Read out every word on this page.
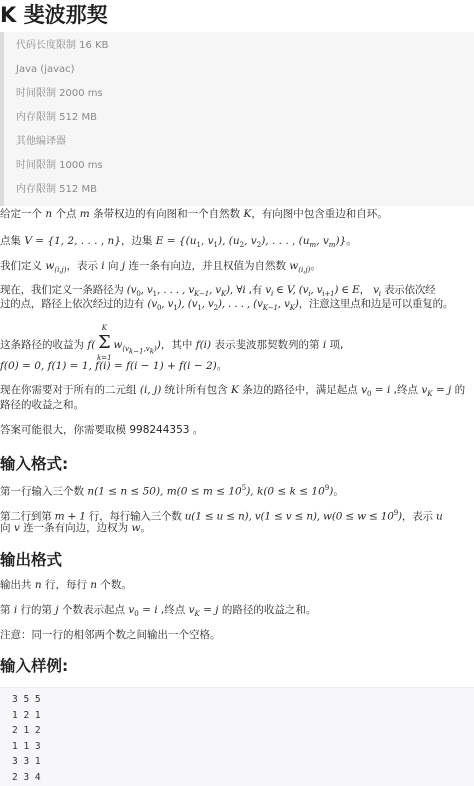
K 斐波那契
代码长度限制 16 KB
Java (javac)
时间限制 2000 ms
内存限制 512 MB
其他编译器
时间限制 1000 ms
内存限制 512 MB
给定一个 n 个点 m 条带权边的有向图和一个自然数 K，有向图中包含重边和自环。
点集 V = {1, 2, . . . , n}，边集 $E = \{(u_1$, $v_1$), ($u_2$, $v_2$), . . . , ($u_m$, $v_m$)}。
我们定义 $w_{(i,j)}$，表示 i 向 j 连一条有向边，并且权值为自然数 $w_{(i,j)}$。
现在，我们定义一条路径为 ($v_0$, $v_1$, . . . , $v_{K-1}$, $v_K$), ∀i ,有 $v_i$ ∈ V, ($v_i$, $v_{i+1}$) ∈ E， $v_i$ 表示依次经
过的点，路径上依次经过的边有 ($v_0$, $v_1$), ($v_1$, $v_2$), . . . , ($v_{K-1}$, $v_K$)，注意这里点和边是可以重复的。
这条路径的收益为 f(
K
Σ
k=1
$w_{(v_{k-1},v_k)}$)，其中 f(i) 表示斐波那契数列的第 i 项,
f(0) = 0, f(1) = 1, f(i) = f(i − 1) + f(i − 2)。
现在你需要对于所有的二元组 (i, j) 统计所有包含 K 条边的路径中，满足起点 $v_0 = i$ ,终点 $v_K = j$ 的
路径的收益之和。
答案可能很大，你需要取模 998244353 。
输入格式:
第一行输入三个数 n(1 ≤ n ≤ 50), $m(0 \le m \le 10^5)$, $k(0 \le k \le 10^9)$。
第二行到第 m + 1 行，每行输入三个数 u(1 ≤ u ≤ n), v(1 ≤ v ≤ n), $w(0 \le w \le 10^9)$，表示 u
向 v 连一条有向边，边权为 w。
输出格式
输出共 n 行，每行 n 个数。
第 i 行的第 j 个数表示起点 $v_0 = i$ ,终点 $v_K = j$ 的路径的收益之和。
注意：同一行的相邻两个数之间输出一个空格。
输入样例:
3 5 5
1 2 1
2 1 2
1 1 3
3 3 1
2 3 4
